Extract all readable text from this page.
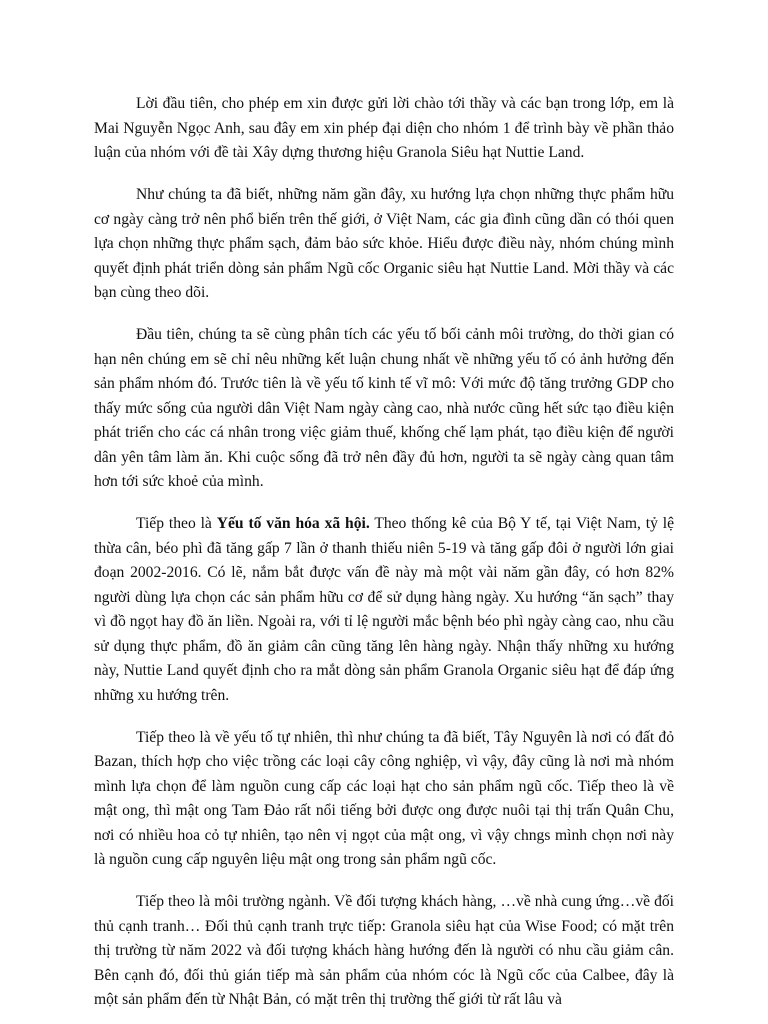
Lời đầu tiên, cho phép em xin được gửi lời chào tới thầy và các bạn trong lớp, em là Mai Nguyễn Ngọc Anh, sau đây em xin phép đại diện cho nhóm 1 để trình bày về phần thảo luận của nhóm với đề tài Xây dựng thương hiệu Granola Siêu hạt Nuttie Land.

Như chúng ta đã biết, những năm gần đây, xu hướng lựa chọn những thực phẩm hữu cơ ngày càng trở nên phổ biến trên thế giới, ở Việt Nam, các gia đình cũng dần có thói quen lựa chọn những thực phẩm sạch, đảm bảo sức khỏe. Hiểu được điều này, nhóm chúng mình quyết định phát triển dòng sản phẩm Ngũ cốc Organic siêu hạt Nuttie Land. Mời thầy và các bạn cùng theo dõi.

Đầu tiên, chúng ta sẽ cùng phân tích các yếu tố bối cảnh môi trường, do thời gian có hạn nên chúng em sẽ chỉ nêu những kết luận chung nhất về những yếu tố có ảnh hưởng đến sản phẩm nhóm đó. Trước tiên là về yếu tố kinh tế vĩ mô: Với mức độ tăng trưởng GDP cho thấy mức sống của người dân Việt Nam ngày càng cao, nhà nước cũng hết sức tạo điều kiện phát triển cho các cá nhân trong việc giảm thuế, khống chế lạm phát, tạo điều kiện để người dân yên tâm làm ăn. Khi cuộc sống đã trở nên đầy đủ hơn, người ta sẽ ngày càng quan tâm hơn tới sức khoẻ của mình.

Tiếp theo là Yếu tố văn hóa xã hội. Theo thống kê của Bộ Y tế, tại Việt Nam, tỷ lệ thừa cân, béo phì đã tăng gấp 7 lần ở thanh thiếu niên 5-19 và tăng gấp đôi ở người lớn giai đoạn 2002-2016. Có lẽ, nắm bắt được vấn đề này mà một vài năm gần đây, có hơn 82% người dùng lựa chọn các sản phẩm hữu cơ để sử dụng hàng ngày. Xu hướng “ăn sạch” thay vì đồ ngọt hay đồ ăn liền. Ngoài ra, với tỉ lệ người mắc bệnh béo phì ngày càng cao, nhu cầu sử dụng thực phẩm, đồ ăn giảm cân cũng tăng lên hàng ngày. Nhận thấy những xu hướng này, Nuttie Land quyết định cho ra mắt dòng sản phẩm Granola Organic siêu hạt để đáp ứng những xu hướng trên.

Tiếp theo là về yếu tố tự nhiên, thì như chúng ta đã biết, Tây Nguyên là nơi có đất đỏ Bazan, thích hợp cho việc trồng các loại cây công nghiệp, vì vậy, đây cũng là nơi mà nhóm mình lựa chọn để làm nguồn cung cấp các loại hạt cho sản phẩm ngũ cốc. Tiếp theo là về mật ong, thì mật ong Tam Đảo rất nổi tiếng bởi được ong được nuôi tại thị trấn Quân Chu, nơi có nhiều hoa cỏ tự nhiên, tạo nên vị ngọt của mật ong, vì vậy chngs mình chọn nơi này là nguồn cung cấp nguyên liệu mật ong trong sản phẩm ngũ cốc.

Tiếp theo là môi trường ngành. Về đối tượng khách hàng, …về nhà cung ứng…về đối thủ cạnh tranh… Đối thủ cạnh tranh trực tiếp: Granola siêu hạt của Wise Food; có mặt trên thị trường từ năm 2022 và đối tượng khách hàng hướng đến là người có nhu cầu giảm cân. Bên cạnh đó, đối thủ gián tiếp mà sản phẩm của nhóm cóc là Ngũ cốc của Calbee, đây là một sản phẩm đến từ Nhật Bản, có mặt trên thị trường thế giới từ rất lâu và
